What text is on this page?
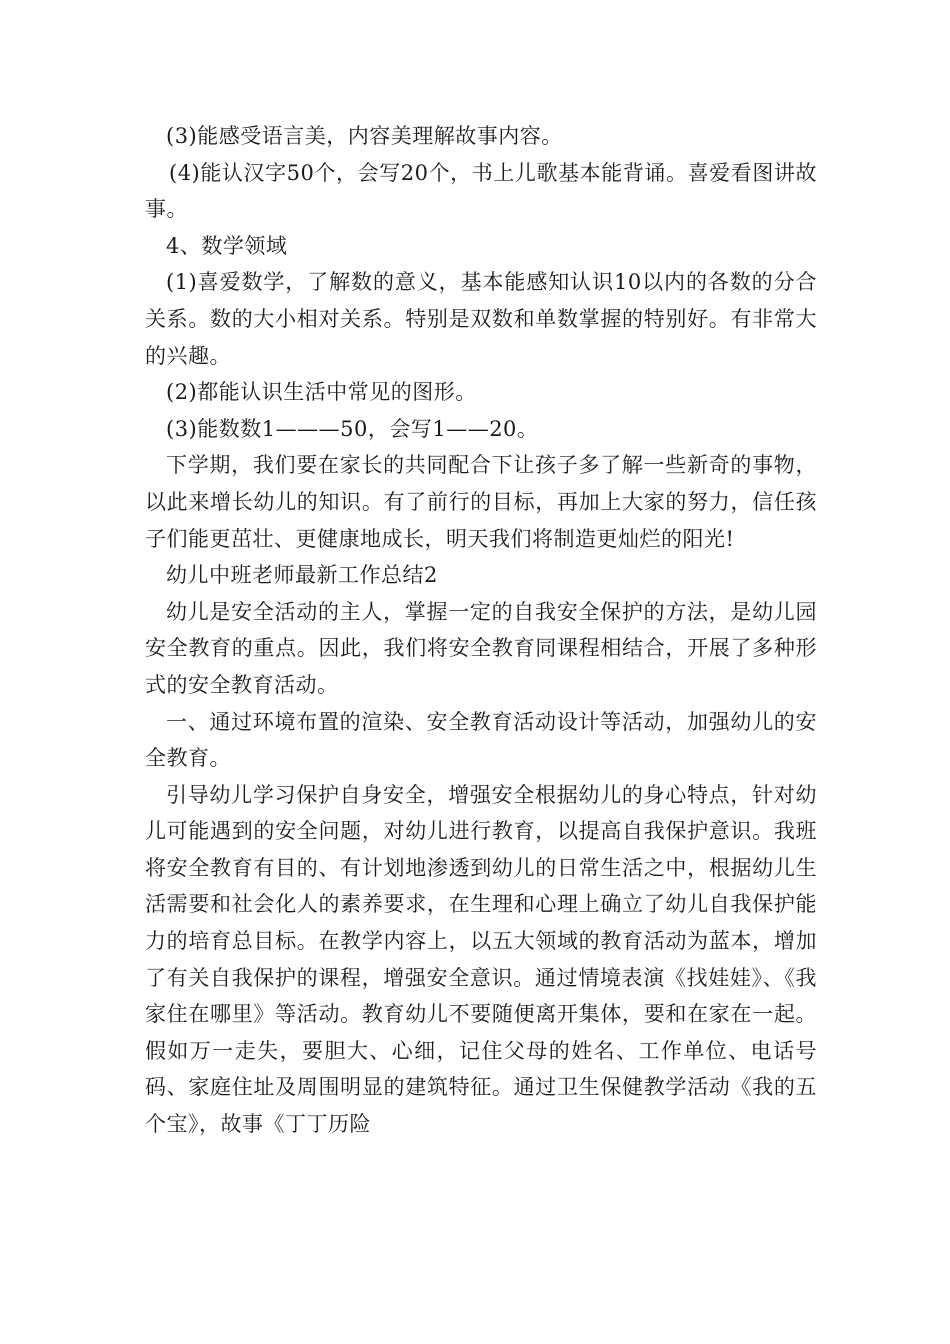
(3)能感受语言美，内容美理解故事内容。

(4)能认汉字50个，会写20个，书上儿歌基本能背诵。喜爱看图讲故事。

4、数学领域

(1)喜爱数学，了解数的意义，基本能感知认识10以内的各数的分合关系。数的大小相对关系。特别是双数和单数掌握的特别好。有非常大的兴趣。

(2)都能认识生活中常见的图形。

(3)能数数1———50，会写1——20。

下学期，我们要在家长的共同配合下让孩子多了解一些新奇的事物，以此来增长幼儿的知识。有了前行的目标，再加上大家的努力，信任孩子们能更茁壮、更健康地成长，明天我们将制造更灿烂的阳光!

幼儿中班老师最新工作总结2

幼儿是安全活动的主人，掌握一定的自我安全保护的方法，是幼儿园安全教育的重点。因此，我们将安全教育同课程相结合，开展了多种形式的安全教育活动。

一、通过环境布置的渲染、安全教育活动设计等活动，加强幼儿的安全教育。

引导幼儿学习保护自身安全，增强安全根据幼儿的身心特点，针对幼儿可能遇到的安全问题，对幼儿进行教育，以提高自我保护意识。我班将安全教育有目的、有计划地渗透到幼儿的日常生活之中，根据幼儿生活需要和社会化人的素养要求，在生理和心理上确立了幼儿自我保护能力的培育总目标。在教学内容上，以五大领域的教育活动为蓝本，增加了有关自我保护的课程，增强安全意识。通过情境表演《找娃娃》、《我家住在哪里》等活动。教育幼儿不要随便离开集体，要和在家在一起。假如万一走失，要胆大、心细，记住父母的姓名、工作单位、电话号码、家庭住址及周围明显的建筑特征。通过卫生保健教学活动《我的五个宝》，故事《丁丁历险
